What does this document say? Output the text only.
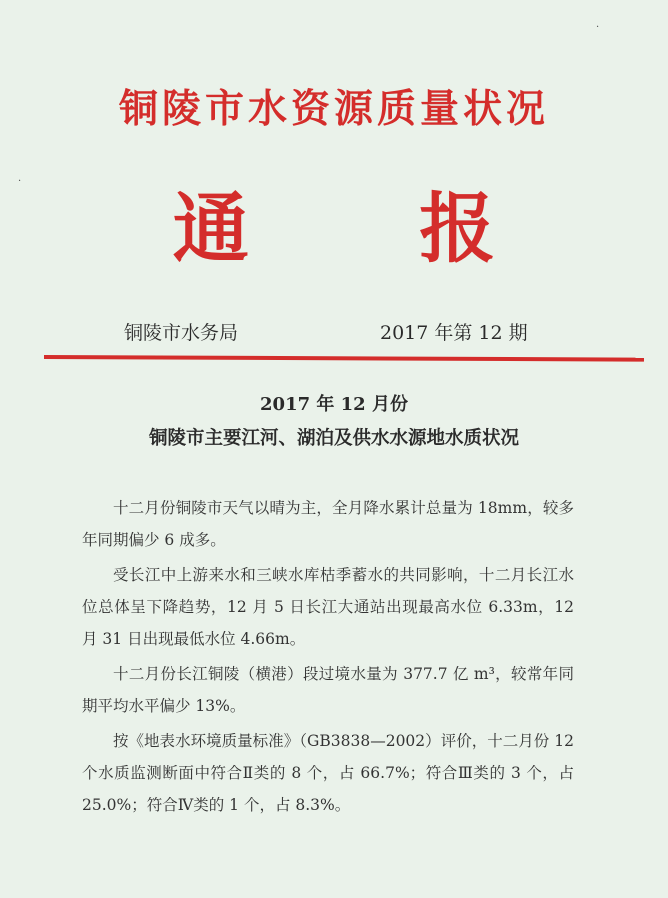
铜陵市水资源质量状况
通 报
铜陵市水务局	2017 年第 12 期
2017 年 12 月份
铜陵市主要江河、湖泊及供水水源地水质状况

十二月份铜陵市天气以晴为主，全月降水累计总量为 18mm，较多年同期偏少 6 成多。

受长江中上游来水和三峡水库枯季蓄水的共同影响，十二月长江水位总体呈下降趋势，12 月 5 日长江大通站出现最高水位 6.33m，12 月 31 日出现最低水位 4.66m。

十二月份长江铜陵（横港）段过境水量为 377.7 亿 m³，较常年同期平均水平偏少 13%。

按《地表水环境质量标准》（GB3838—2002）评价，十二月份 12 个水质监测断面中符合Ⅱ类的 8 个，占 66.7%；符合Ⅲ类的 3 个，占 25.0%；符合Ⅳ类的 1 个，占 8.3%。

·
·
